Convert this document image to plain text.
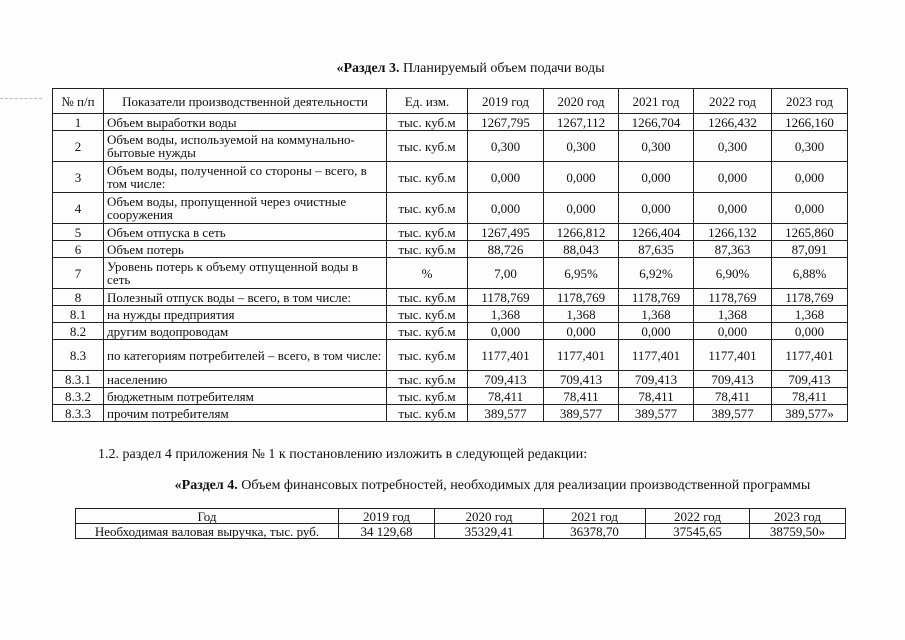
«Раздел 3. Планируемый объем подачи воды
№ п/п	Показатели производственной деятельности	Ед. изм.	2019 год	2020 год	2021 год	2022 год	2023 год
1	Объем выработки воды	тыс. куб.м	1267,795	1267,112	1266,704	1266,432	1266,160
2	Объем воды, используемой на коммунально-бытовые нужды	тыс. куб.м	0,300	0,300	0,300	0,300	0,300
3	Объем воды, полученной со стороны – всего, в том числе:	тыс. куб.м	0,000	0,000	0,000	0,000	0,000
4	Объем воды, пропущенной через очистные сооружения	тыс. куб.м	0,000	0,000	0,000	0,000	0,000
5	Объем отпуска в сеть	тыс. куб.м	1267,495	1266,812	1266,404	1266,132	1265,860
6	Объем потерь	тыс. куб.м	88,726	88,043	87,635	87,363	87,091
7	Уровень потерь к объему отпущенной воды в сеть	%	7,00	6,95%	6,92%	6,90%	6,88%
8	Полезный отпуск воды – всего, в том числе:	тыс. куб.м	1178,769	1178,769	1178,769	1178,769	1178,769
8.1	на нужды предприятия	тыс. куб.м	1,368	1,368	1,368	1,368	1,368
8.2	другим водопроводам	тыс. куб.м	0,000	0,000	0,000	0,000	0,000
8.3	по категориям потребителей – всего, в том числе:	тыс. куб.м	1177,401	1177,401	1177,401	1177,401	1177,401
8.3.1	населению	тыс. куб.м	709,413	709,413	709,413	709,413	709,413
8.3.2	бюджетным потребителям	тыс. куб.м	78,411	78,411	78,411	78,411	78,411
8.3.3	прочим потребителям	тыс. куб.м	389,577	389,577	389,577	389,577	389,577»
1.2. раздел 4 приложения № 1 к постановлению изложить в следующей редакции:
«Раздел 4. Объем финансовых потребностей, необходимых для реализации производственной программы
Год	2019 год	2020 год	2021 год	2022 год	2023 год
Необходимая валовая выручка, тыс. руб.	34 129,68	35329,41	36378,70	37545,65	38759,50»
